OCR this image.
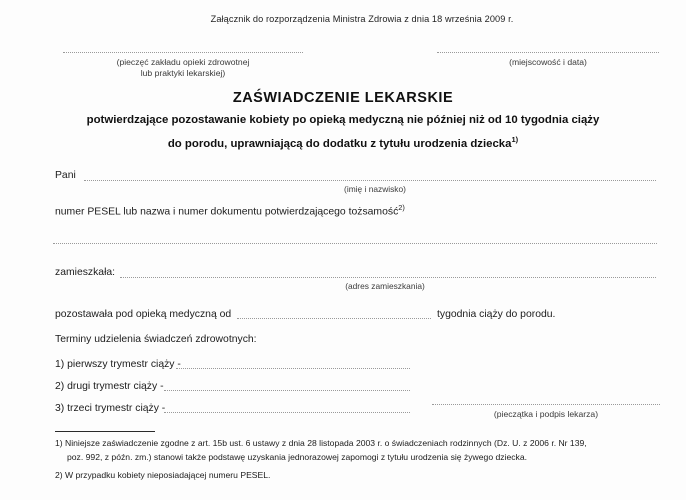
Załącznik do rozporządzenia Ministra Zdrowia z dnia 18 września 2009 r.
(pieczęć zakładu opieki zdrowotnej
lub praktyki lekarskiej)
(miejscowość i data)
ZAŚWIADCZENIE LEKARSKIE
potwierdzające pozostawanie kobiety po opieką medyczną nie później niż od 10 tygodnia ciąży
do porodu, uprawniającą do dodatku z tytułu urodzenia dziecka$^{1)}$
Pani
(imię i nazwisko)
numer PESEL lub nazwa i numer dokumentu potwierdzającego tożsamość$^{2)}$
zamieszkała:
(adres zamieszkania)
pozostawała pod opieką medyczną od	tygodnia ciąży do porodu.
Terminy udzielenia świadczeń zdrowotnych:
1) pierwszy trymestr ciąży -
2) drugi trymestr ciąży -
3) trzeci trymestr ciąży -	(pieczątka i podpis lekarza)
1) Niniejsze zaświadczenie zgodne z art. 15b ust. 6 ustawy z dnia 28 listopada 2003 r. o świadczeniach rodzinnych (Dz. U. z 2006 r. Nr 139,
poz. 992, z późn. zm.) stanowi także podstawę uzyskania jednorazowej zapomogi z tytułu urodzenia się żywego dziecka.
2) W przypadku kobiety nieposiadającej numeru PESEL.
